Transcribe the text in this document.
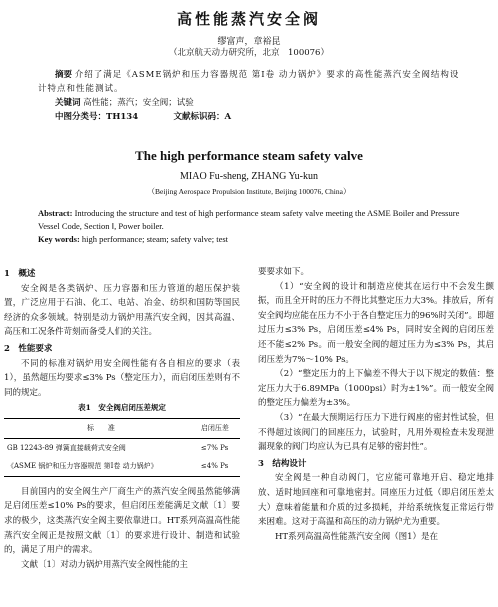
高性能蒸汽安全阀
缪富声，章裕昆
（北京航天动力研究所，北京　100076）
摘要 介绍了满足《ASME锅炉和压力容器规范 第Ⅰ卷 动力锅炉》要求的高性能蒸汽安全阀结构设计特点和性能测试。
关键词 高性能；蒸汽；安全阀；试验
中图分类号：TH134	文献标识码：A
The high performance steam safety valve
MIAO Fu-sheng, ZHANG Yu-kun
（Beijing Aerospace Propulsion Institute, Beijing 100076, China）
Abstract: Introducing the structure and test of high performance steam safety valve meeting the ASME Boiler and Pressure Vessel Code, Section Ⅰ, Power boiler.
Key words: high performance; steam; safety valve; test
1　概述

安全阀是各类锅炉、压力容器和压力管道的超压保护装置，广泛应用于石油、化工、电站、冶金、纺织和国防等国民经济的众多领域。特别是动力锅炉用蒸汽安全阀，因其高温、高压和工况条件苛刻而备受人们的关注。

2　性能要求

不同的标准对锅炉用安全阀性能有各自相应的要求（表1），虽然超压均要求≤3% Ps（整定压力），而启闭压差则有不同的规定。

表1　安全阀启闭压差规定
标　　准	启闭压差
GB 12243-89 弹簧直接载荷式安全阀	≤7% Ps
《ASME 锅炉和压力容器规范 第Ⅰ卷 动力锅炉》	≤4% Ps

目前国内的安全阀生产厂商生产的蒸汽安全阀虽然能够满足启闭压差≤10% Ps的要求，但启闭压差能满足文献〔1〕要求的极少，这类蒸汽安全阀主要依靠进口。HT系列高温高性能蒸汽安全阀正是按照文献〔1〕的要求进行设计、制造和试验的，满足了用户的需求。

文献〔1〕对动力锅炉用蒸汽安全阀性能的主

要要求如下。

（1）“安全阀的设计和制造应使其在运行中不会发生颤振，而且全开时的压力不得比其整定压力大3%。排放后，所有安全阀均应能在压力不小于各自整定压力的96%时关闭”。即超过压力≤3% Ps，启闭压差≤4% Ps，同时安全阀的启闭压差还不能≤2% Ps。而一般安全阀的超过压力为≤3% Ps，其启闭压差为7%～10% Ps。

（2）“整定压力的上下偏差不得大于以下规定的数值：整定压力大于6.89MPa（1000psi）时为±1%”。而一般安全阀的整定压力偏差为±3%。

（3）“在最大预期运行压力下进行阀座的密封性试验，但不得超过该阀门的回座压力，试验时，凡用外观检查未发现泄漏现象的阀门均应认为已具有足够的密封性”。

3　结构设计

安全阀是一种自动阀门，它应能可靠地开启、稳定地排放、适时地回座和可靠地密封。同座压力过低（即启闭压差太大）意味着能量和介质的过多损耗，并给系统恢复正常运行带来困难。这对于高温和高压的动力锅炉尤为重要。

HT系列高温高性能蒸汽安全阀（图1）是在
